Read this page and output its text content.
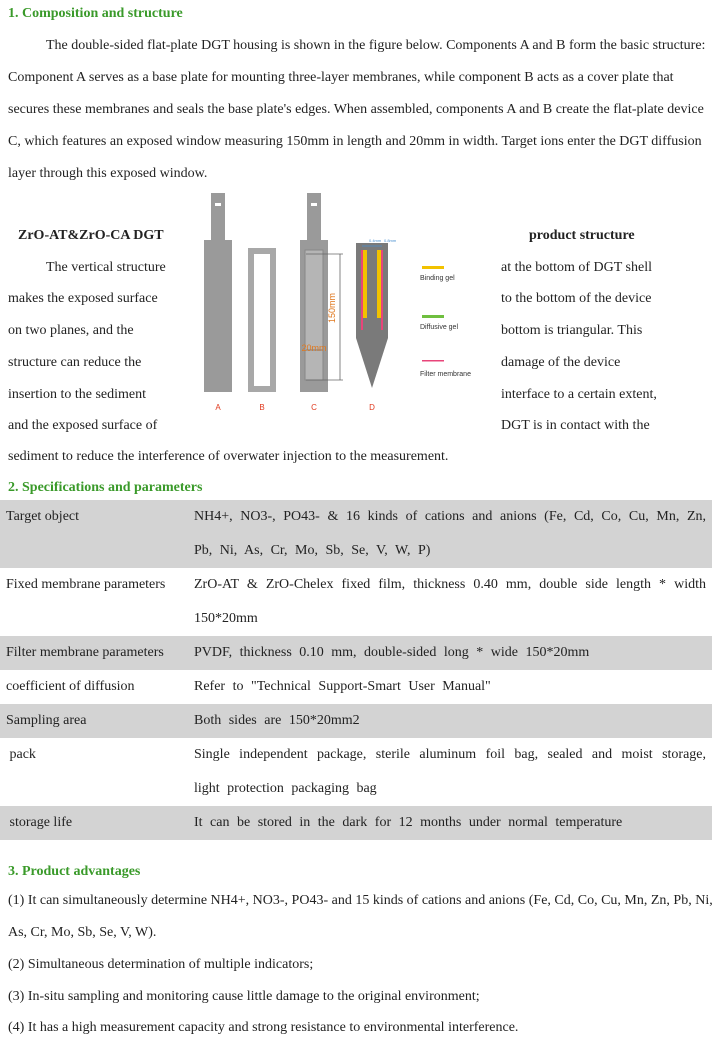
1. Composition and structure
The double-sided flat-plate DGT housing is shown in the figure below. Components A and B form the basic structure: Component A serves as a base plate for mounting three-layer membranes, while component B acts as a cover plate that secures these membranes and seals the base plate's edges. When assembled, components A and B create the flat-plate device C, which features an exposed window measuring 150mm in length and 20mm in width. Target ions enter the DGT diffusion layer through this exposed window.
ZrO-AT&ZrO-CA DGT
The vertical structure
makes the exposed surface
on two planes, and the
structure can reduce the
insertion to the sediment
and the exposed surface of
product structure
at the bottom of DGT shell
to the bottom of the device
bottom is triangular. This
damage of the device
interface to a certain extent,
DGT is in contact with the
150mm
20mm
0.4mm 0.8mm
Binding gel
Diffusive gel
Filter membrane
A	B	C	D
sediment to reduce the interference of overwater injection to the measurement.
2. Specifications and parameters
Target object	NH4+, NO3-, PO43- & 16 kinds of cations and anions (Fe, Cd, Co, Cu, Mn, Zn, Pb, Ni, As, Cr, Mo, Sb, Se, V, W, P)
Fixed membrane parameters	ZrO-AT & ZrO-Chelex fixed film, thickness 0.40 mm, double side length * width 150*20mm
Filter membrane parameters	PVDF, thickness 0.10 mm, double-sided long * wide 150*20mm
coefficient of diffusion	Refer to "Technical Support-Smart User Manual"
Sampling area	Both sides are 150*20mm2
pack	Single independent package, sterile aluminum foil bag, sealed and moist storage, light protection packaging bag
storage life	It can be stored in the dark for 12 months under normal temperature
3. Product advantages
(1) It can simultaneously determine NH4+, NO3-, PO43- and 15 kinds of cations and anions (Fe, Cd, Co, Cu, Mn, Zn, Pb, Ni, As, Cr, Mo, Sb, Se, V, W).
(2) Simultaneous determination of multiple indicators;
(3) In-situ sampling and monitoring cause little damage to the original environment;
(4) It has a high measurement capacity and strong resistance to environmental interference.
